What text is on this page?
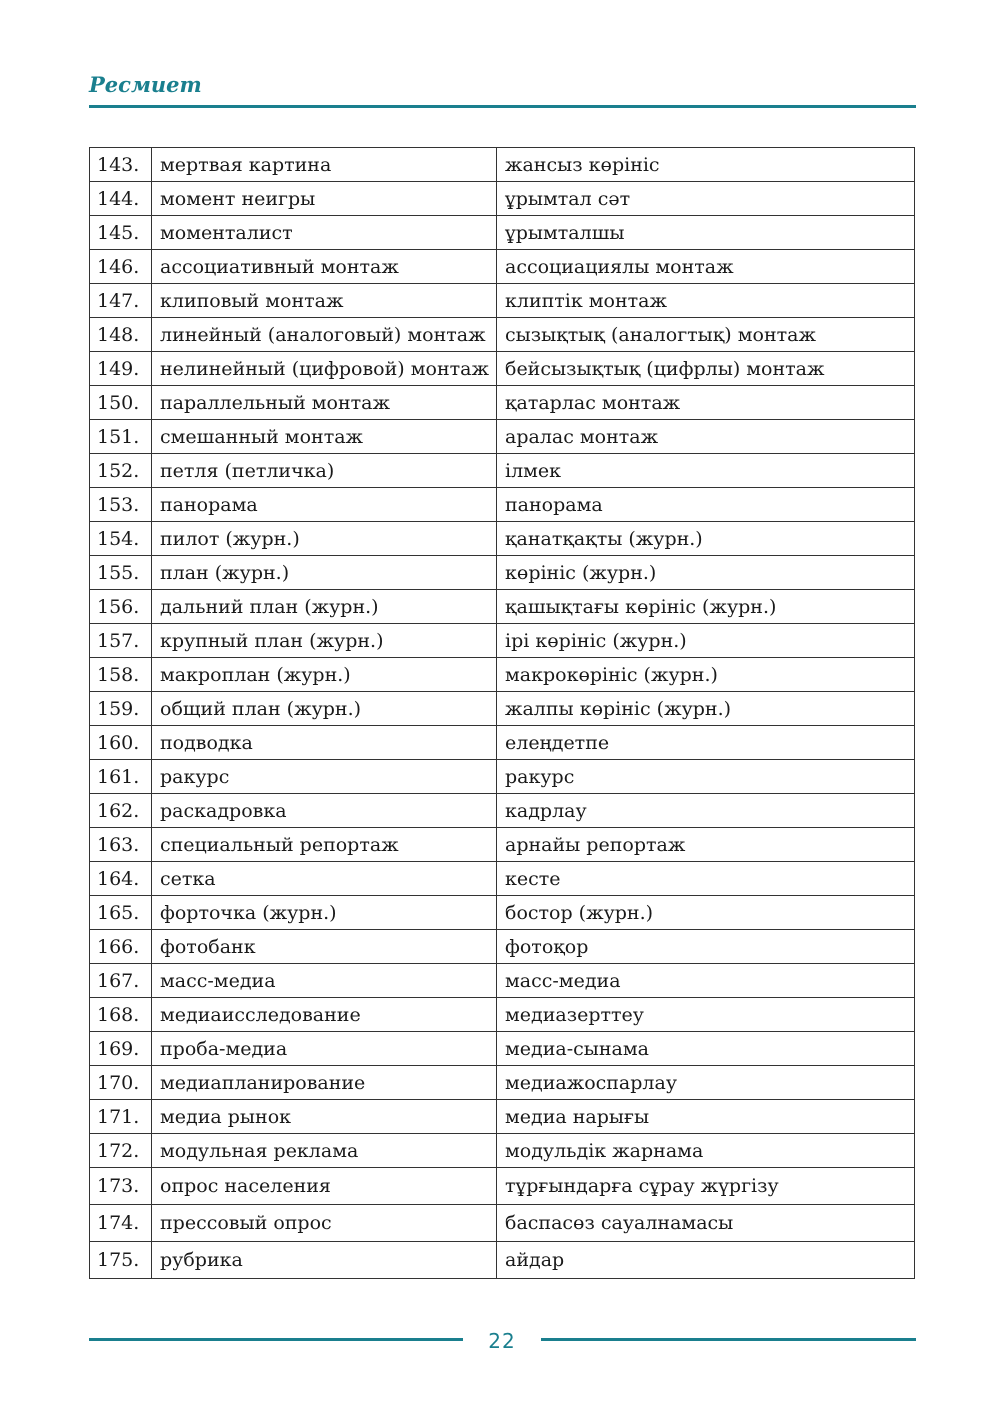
Ресмиет
143.	мертвая картина	жансыз көрініс
144.	момент неигры	ұрымтал сәт
145.	моменталист	ұрымталшы
146.	ассоциативный монтаж	ассоциациялы монтаж
147.	клиповый монтаж	клиптік монтаж
148.	линейный (аналоговый) монтаж	сызықтық (аналогтық) монтаж
149.	нелинейный (цифровой) монтаж	бейсызықтық (цифрлы) монтаж
150.	параллельный монтаж	қатарлас монтаж
151.	смешанный монтаж	аралас монтаж
152.	петля (петличка)	ілмек
153.	панорама	панорама
154.	пилот (журн.)	қанатқақты (журн.)
155.	план (журн.)	көрініс (журн.)
156.	дальний план (журн.)	қашықтағы көрініс (журн.)
157.	крупный план (журн.)	ірі көрініс (журн.)
158.	макроплан (журн.)	макрокөрініс (журн.)
159.	общий план (журн.)	жалпы көрініс (журн.)
160.	подводка	елеңдетпе
161.	ракурс	ракурс
162.	раскадровка	кадрлау
163.	специальный репортаж	арнайы репортаж
164.	сетка	кесте
165.	форточка (журн.)	бостор (журн.)
166.	фотобанк	фотоқор
167.	масс-медиа	масс-медиа
168.	медиаисследование	медиазерттеу
169.	проба-медиа	медиа-сынама
170.	медиапланирование	медиажоспарлау
171.	медиа рынок	медиа нарығы
172.	модульная реклама	модульдік жарнама
173.	опрос населения	тұрғындарға сұрау жүргізу
174.	прессовый опрос	баспасөз сауалнамасы
175.	рубрика	айдар
22
